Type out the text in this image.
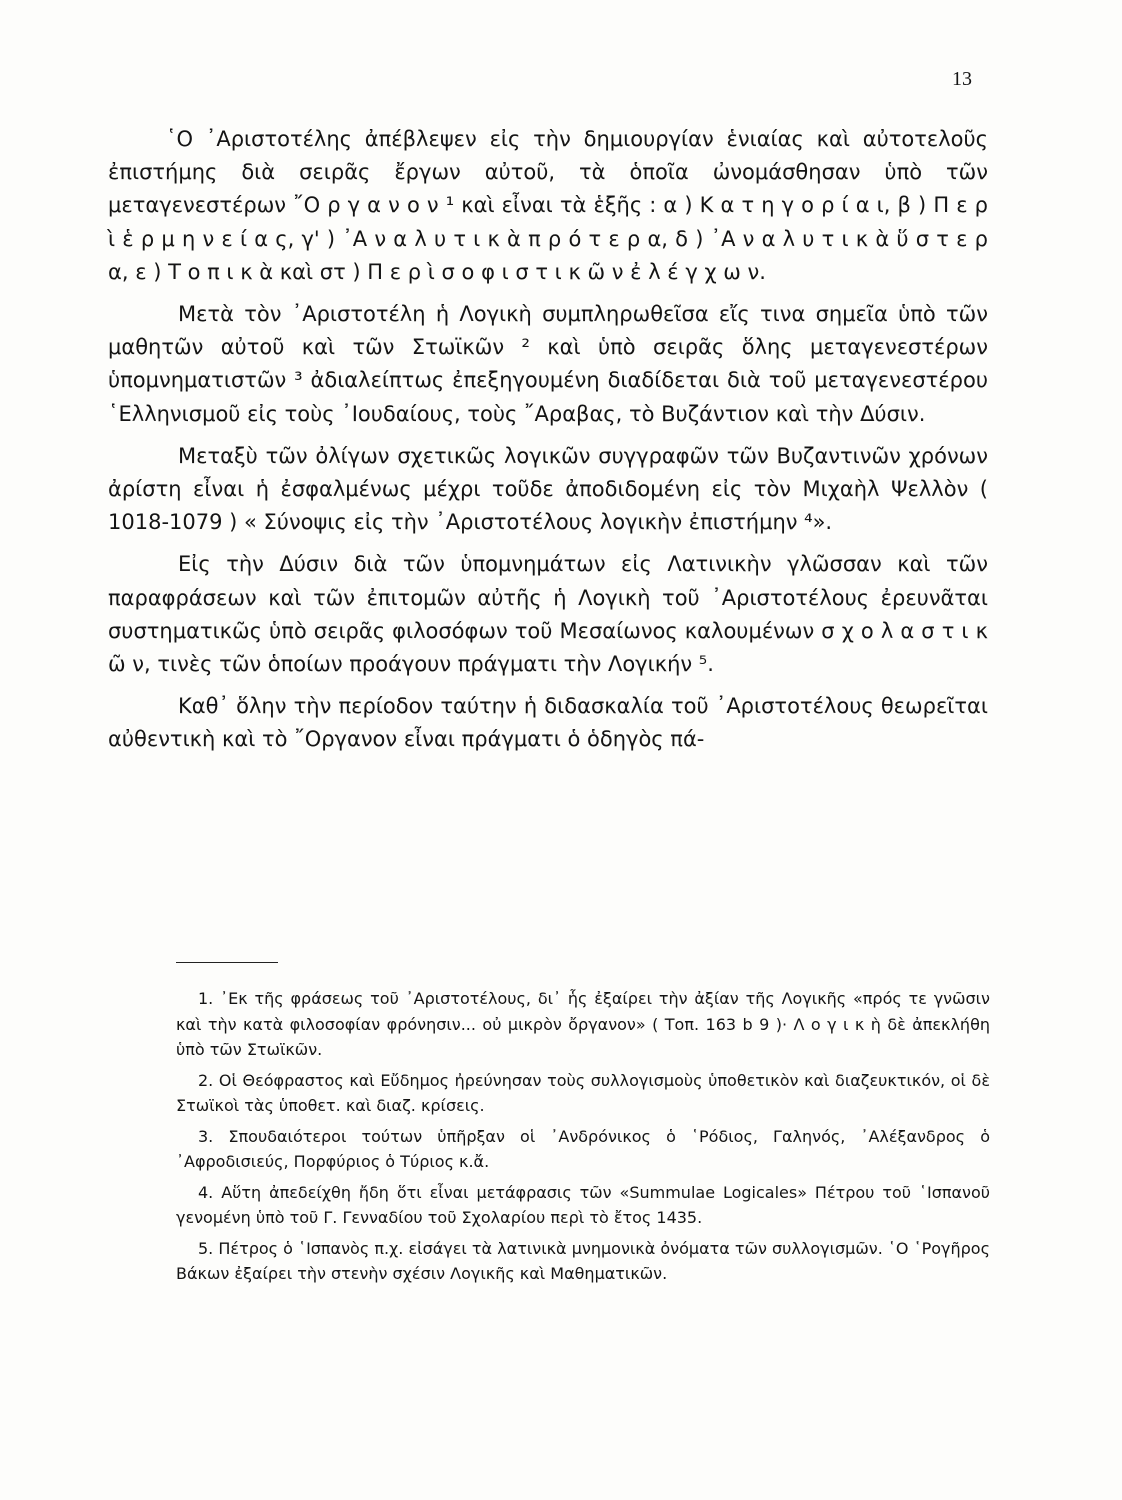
13

῾Ο ᾽Αριστοτέλης ἀπέβλεψεν εἰς τὴν δημιουργίαν ἑνιαίας καὶ αὐτοτελοῦς ἐπιστήμης διὰ σειρᾶς ἔργων αὐτοῦ, τὰ ὁποῖα ὠνομάσθησαν ὑπὸ τῶν μεταγενεστέρων ῎Ο ρ γ α ν ο ν ¹ καὶ εἶναι τὰ ἑξῆς : α ) Κ α τ η γ ο ρ ί α ι, β ) Π ε ρ ὶ ἑ ρ μ η ν ε ί α ς, γ' ) ᾽Α ν α λ υ τ ι κ ὰ π ρ ό τ ε ρ α, δ ) ᾽Α ν α λ υ τ ι κ ὰ ὕ σ τ ε ρ α, ε ) Τ ο π ι κ ὰ καὶ στ ) Π ε ρ ὶ σ ο φ ι σ τ ι κ ῶ ν ἐ λ έ γ χ ω ν.

Μετὰ τὸν ᾽Αριστοτέλη ἡ Λογικὴ συμπληρωθεῖσα εἴς τινα σημεῖα ὑπὸ τῶν μαθητῶν αὐτοῦ καὶ τῶν Στωϊκῶν ² καὶ ὑπὸ σειρᾶς ὅλης μεταγενεστέρων ὑπομνηματιστῶν ³ ἀδιαλείπτως ἐπεξηγουμένη διαδίδεται διὰ τοῦ μεταγενεστέρου ῾Ελληνισμοῦ εἰς τοὺς ᾽Ιουδαίους, τοὺς ῎Αραβας, τὸ Βυζάντιον καὶ τὴν Δύσιν.

Μεταξὺ τῶν ὀλίγων σχετικῶς λογικῶν συγγραφῶν τῶν Βυζαντινῶν χρόνων ἀρίστη εἶναι ἡ ἐσφαλμένως μέχρι τοῦδε ἀποδιδομένη εἰς τὸν Μιχαὴλ Ψελλὸν ( 1018-1079 ) « Σύνοψις εἰς τὴν ᾽Αριστοτέλους λογικὴν ἐπιστήμην ⁴».

Εἰς τὴν Δύσιν διὰ τῶν ὑπομνημάτων εἰς Λατινικὴν γλῶσσαν καὶ τῶν παραφράσεων καὶ τῶν ἐπιτομῶν αὐτῆς ἡ Λογικὴ τοῦ ᾽Αριστοτέλους ἐρευνᾶται συστηματικῶς ὑπὸ σειρᾶς φιλοσόφων τοῦ Μεσαίωνος καλουμένων σ χ ο λ α σ τ ι κ ῶ ν, τινὲς τῶν ὁποίων προάγουν πράγματι τὴν Λογικήν ⁵.

Καθ᾽ ὅλην τὴν περίοδον ταύτην ἡ διδασκαλία τοῦ ᾽Αριστοτέλους θεωρεῖται αὐθεντικὴ καὶ τὸ ῎Οργανον εἶναι πράγματι ὁ ὁδηγὸς πά-

1. ᾽Εκ τῆς φράσεως τοῦ ᾽Αριστοτέλους, δι᾽ ἧς ἐξαίρει τὴν ἀξίαν τῆς Λογικῆς «πρός τε γνῶσιν καὶ τὴν κατὰ φιλοσοφίαν φρόνησιν... οὐ μικρὸν ὄργανον» ( Τοπ. 163 b 9 )· Λ ο γ ι κ ὴ δὲ ἀπεκλήθη ὑπὸ τῶν Στωϊκῶν.

2. Οἱ Θεόφραστος καὶ Εὔδημος ἠρεύνησαν τοὺς συλλογισμοὺς ὑποθετικὸν καὶ διαζευκτικόν, οἱ δὲ Στωϊκοὶ τὰς ὑποθετ. καὶ διαζ. κρίσεις.

3. Σπουδαιότεροι τούτων ὑπῆρξαν οἱ ᾽Ανδρόνικος ὁ ῾Ρόδιος, Γαληνός, ᾽Αλέξανδρος ὁ ᾽Αφροδισιεύς, Πορφύριος ὁ Τύριος κ.ἄ.

4. Αὕτη ἀπεδείχθη ἤδη ὅτι εἶναι μετάφρασις τῶν «Summulae Logicales» Πέτρου τοῦ ῾Ισπανοῦ γενομένη ὑπὸ τοῦ Γ. Γενναδίου τοῦ Σχολαρίου περὶ τὸ ἔτος 1435.

5. Πέτρος ὁ ῾Ισπανὸς π.χ. εἰσάγει τὰ λατινικὰ μνημονικὰ ὀνόματα τῶν συλλογισμῶν. ῾Ο ῾Ρογῆρος Βάκων ἐξαίρει τὴν στενὴν σχέσιν Λογικῆς καὶ Μαθηματικῶν.
